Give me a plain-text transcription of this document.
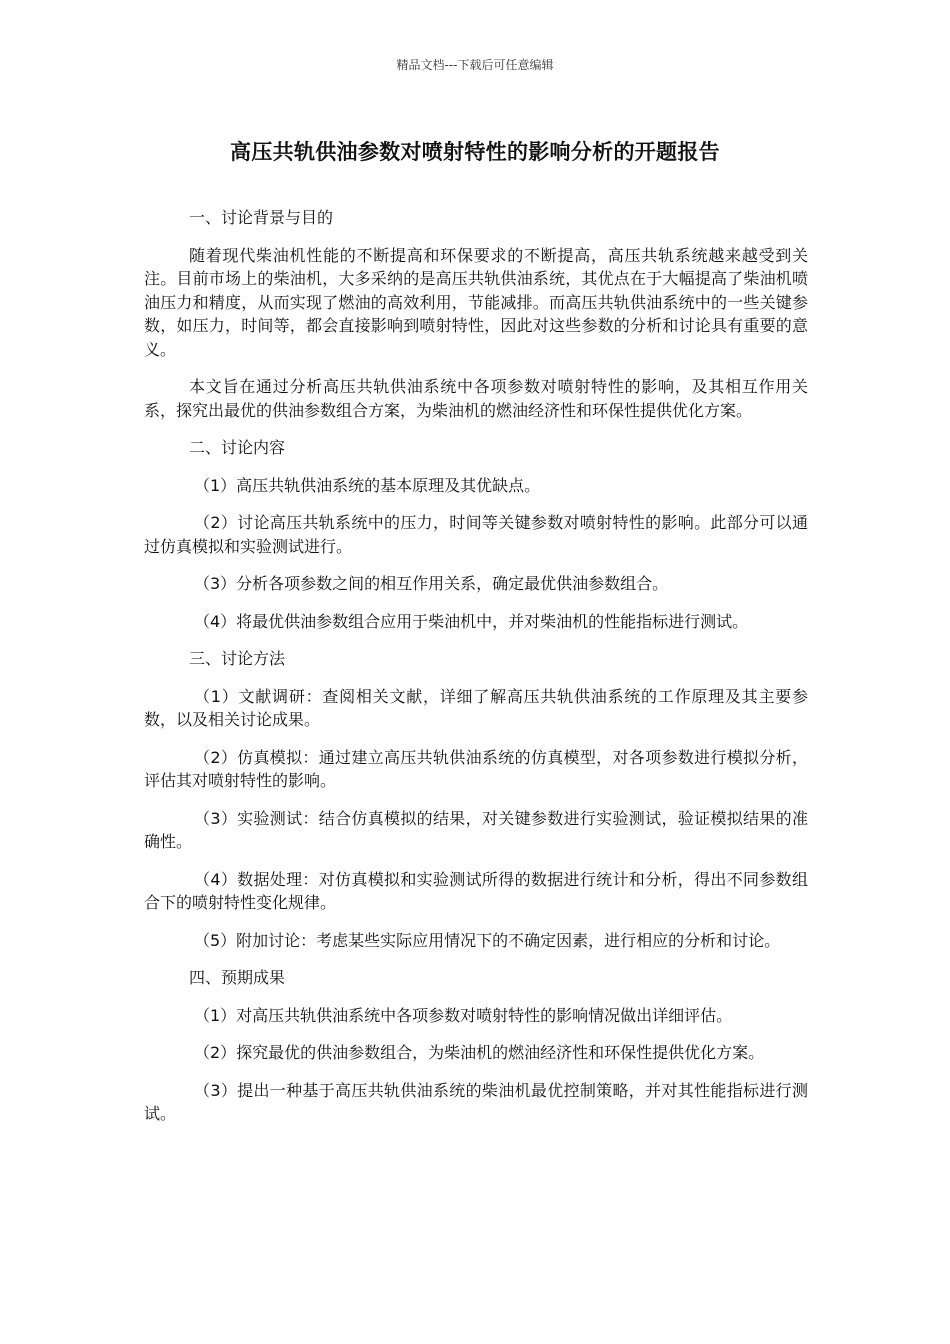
精品文档---下载后可任意编辑
高压共轨供油参数对喷射特性的影响分析的开题报告
一、讨论背景与目的

随着现代柴油机性能的不断提高和环保要求的不断提高，高压共轨系统越来越受到关注。目前市场上的柴油机，大多采纳的是高压共轨供油系统，其优点在于大幅提高了柴油机喷油压力和精度，从而实现了燃油的高效利用，节能减排。而高压共轨供油系统中的一些关键参数，如压力，时间等，都会直接影响到喷射特性，因此对这些参数的分析和讨论具有重要的意义。

本文旨在通过分析高压共轨供油系统中各项参数对喷射特性的影响，及其相互作用关系，探究出最优的供油参数组合方案，为柴油机的燃油经济性和环保性提供优化方案。

二、讨论内容

（1）高压共轨供油系统的基本原理及其优缺点。

（2）讨论高压共轨系统中的压力，时间等关键参数对喷射特性的影响。此部分可以通过仿真模拟和实验测试进行。

（3）分析各项参数之间的相互作用关系，确定最优供油参数组合。

（4）将最优供油参数组合应用于柴油机中，并对柴油机的性能指标进行测试。

三、讨论方法

（1）文献调研：查阅相关文献，详细了解高压共轨供油系统的工作原理及其主要参数，以及相关讨论成果。

（2）仿真模拟：通过建立高压共轨供油系统的仿真模型，对各项参数进行模拟分析，评估其对喷射特性的影响。

（3）实验测试：结合仿真模拟的结果，对关键参数进行实验测试，验证模拟结果的准确性。

（4）数据处理：对仿真模拟和实验测试所得的数据进行统计和分析，得出不同参数组合下的喷射特性变化规律。

（5）附加讨论：考虑某些实际应用情况下的不确定因素，进行相应的分析和讨论。

四、预期成果

（1）对高压共轨供油系统中各项参数对喷射特性的影响情况做出详细评估。

（2）探究最优的供油参数组合，为柴油机的燃油经济性和环保性提供优化方案。

（3）提出一种基于高压共轨供油系统的柴油机最优控制策略，并对其性能指标进行测试。
